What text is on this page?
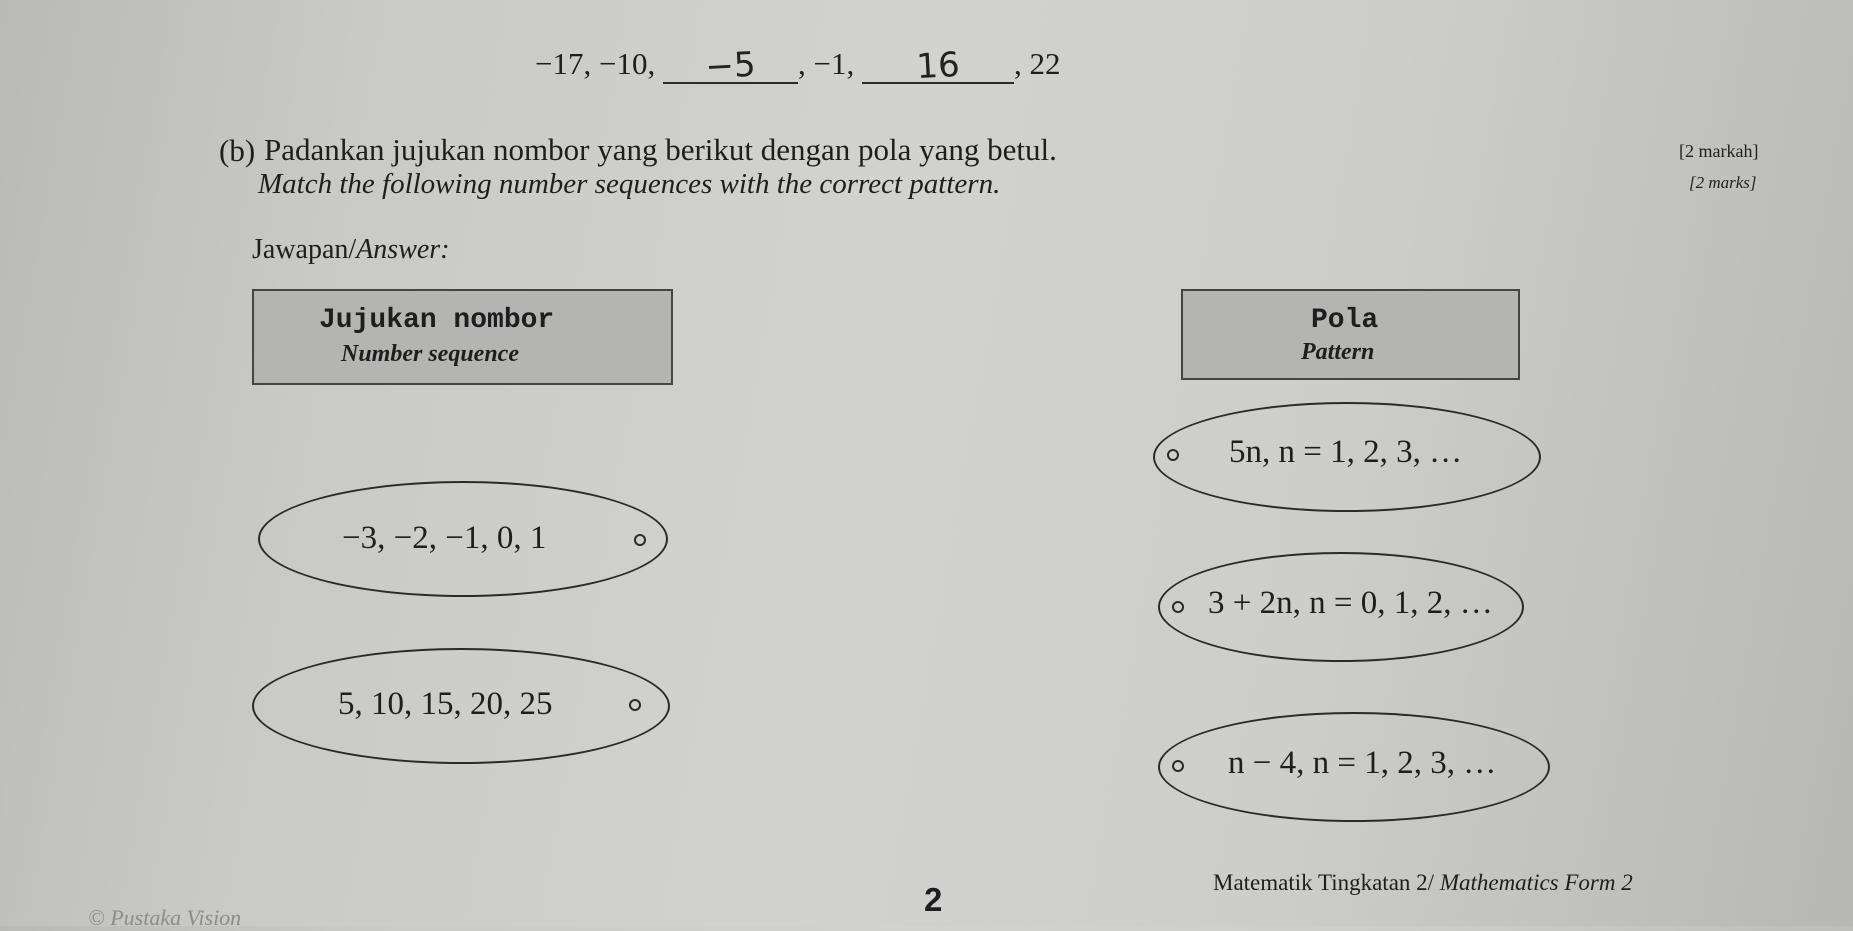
−17, −10,	−5	, −1,	16	, 22
(b) Padankan jujukan nombor yang berikut dengan pola yang betul.
Match the following number sequences with the correct pattern.
[2 markah]
[2 marks]
Jawapan/Answer:
Jujukan nombor
Number sequence
Pola
Pattern
−3, −2, −1, 0, 1
5, 10, 15, 20, 25
5n, n = 1, 2, 3, …
3 + 2n, n = 0, 1, 2, …
n − 4, n = 1, 2, 3, …
2	Matematik Tingkatan 2/ Mathematics Form 2
© Pustaka Vision
